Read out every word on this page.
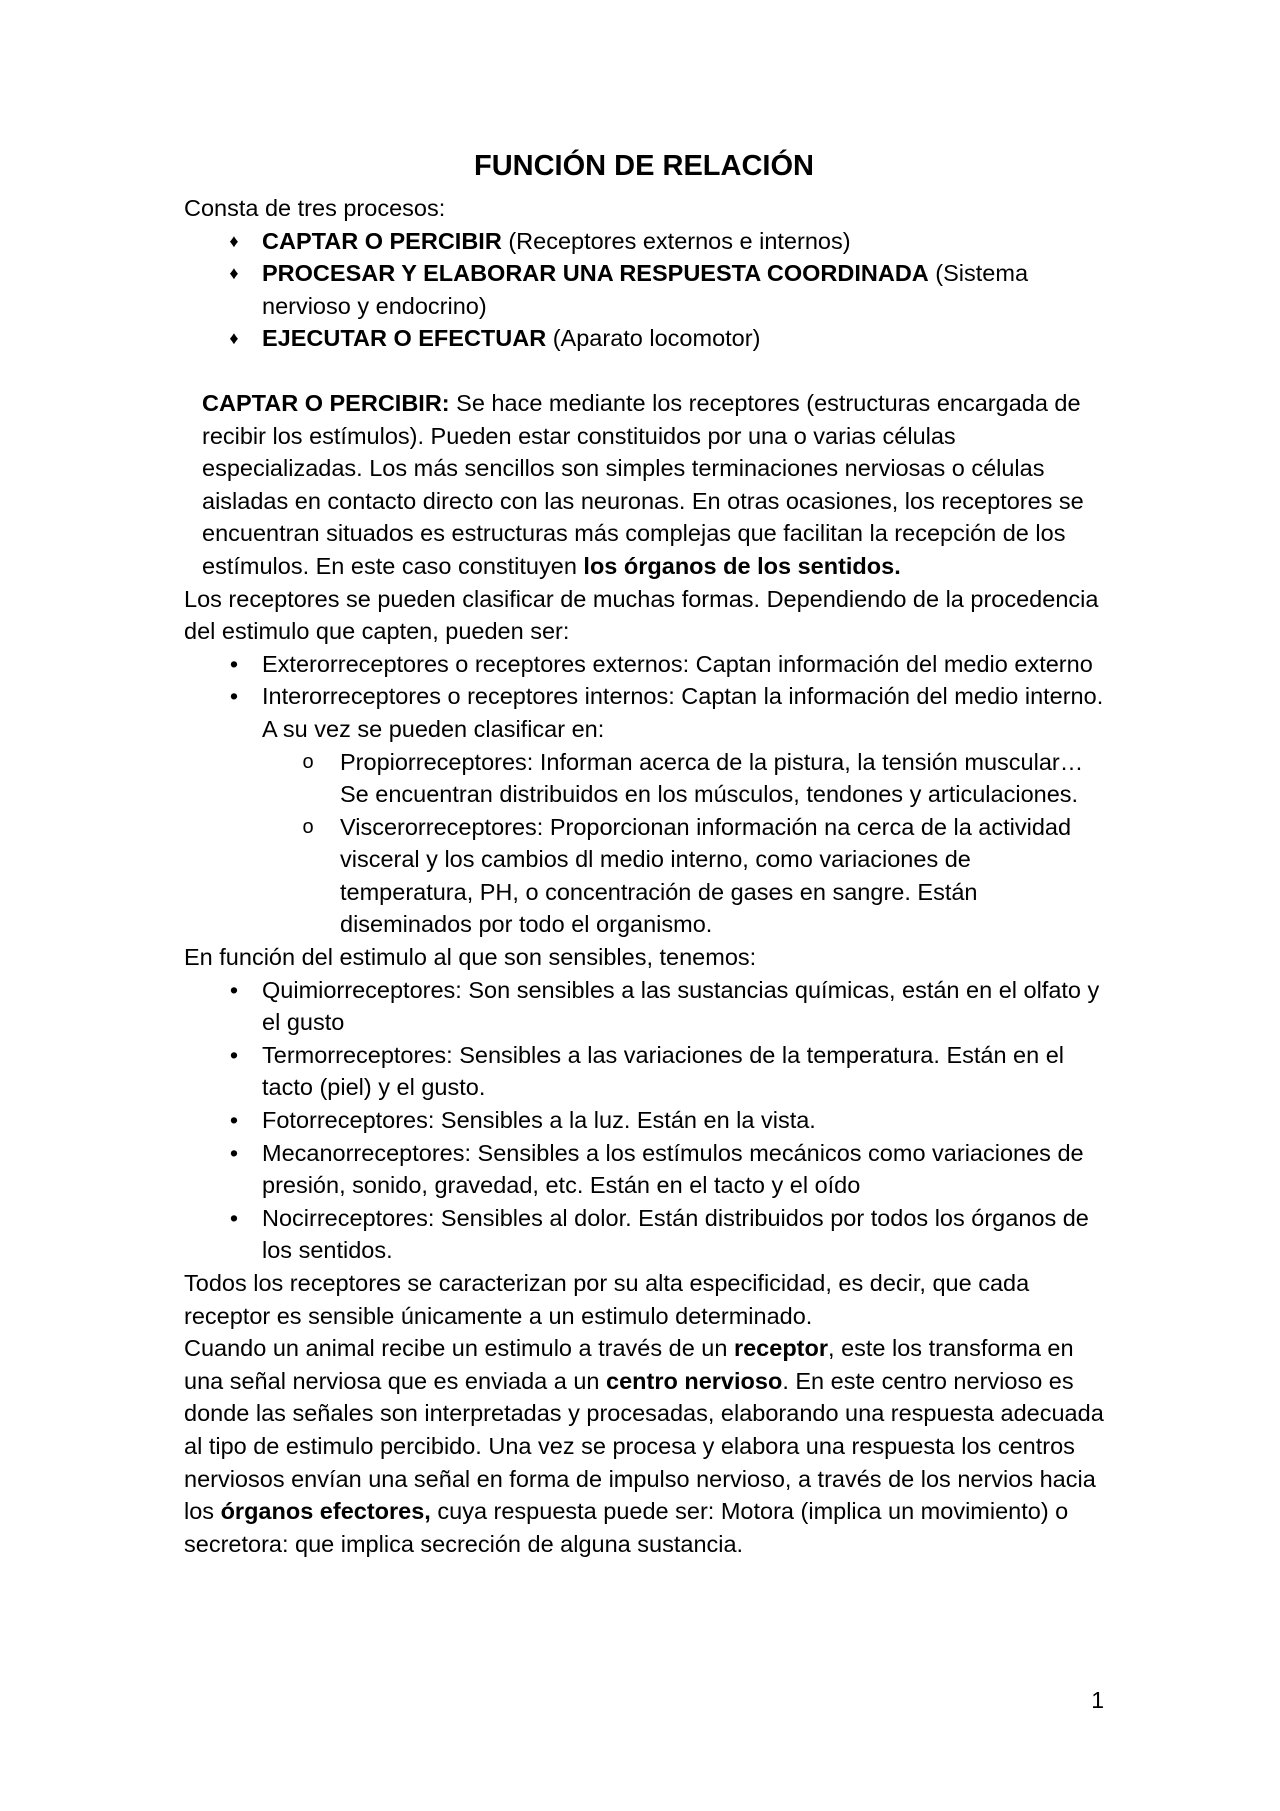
FUNCIÓN DE RELACIÓN

Consta de tres procesos:

♦ CAPTAR O PERCIBIR (Receptores externos e internos)
♦ PROCESAR Y ELABORAR UNA RESPUESTA COORDINADA (Sistema nervioso y endocrino)
♦ EJECUTAR O EFECTUAR (Aparato locomotor)

CAPTAR O PERCIBIR: Se hace mediante los receptores (estructuras encargada de recibir los estímulos). Pueden estar constituidos por una o varias células especializadas. Los más sencillos son simples terminaciones nerviosas o células aisladas en contacto directo con las neuronas. En otras ocasiones, los receptores se encuentran situados es estructuras más complejas que facilitan la recepción de los estímulos. En este caso constituyen los órganos de los sentidos.

Los receptores se pueden clasificar de muchas formas. Dependiendo de la procedencia del estimulo que capten, pueden ser:

• Exterorreceptores o receptores externos: Captan información del medio externo
• Interorreceptores o receptores internos: Captan la información del medio interno. A su vez se pueden clasificar en:
o Propiorreceptores: Informan acerca de la pistura, la tensión muscular… Se encuentran distribuidos en los músculos, tendones y articulaciones.
o Viscerorreceptores: Proporcionan información na cerca de la actividad visceral y los cambios dl medio interno, como variaciones de temperatura, PH, o concentración de gases en sangre. Están diseminados por todo el organismo.

En función del estimulo al que son sensibles, tenemos:

• Quimiorreceptores: Son sensibles a las sustancias químicas, están en el olfato y el gusto
• Termorreceptores: Sensibles a las variaciones de la temperatura. Están en el tacto (piel) y el gusto.
• Fotorreceptores: Sensibles a la luz. Están en la vista.
• Mecanorreceptores: Sensibles a los estímulos mecánicos como variaciones de presión, sonido, gravedad, etc. Están en el tacto y el oído
• Nocirreceptores: Sensibles al dolor. Están distribuidos por todos los órganos de los sentidos.

Todos los receptores se caracterizan por su alta especificidad, es decir, que cada receptor es sensible únicamente a un estimulo determinado.

Cuando un animal recibe un estimulo a través de un receptor, este los transforma en una señal nerviosa que es enviada a un centro nervioso. En este centro nervioso es donde las señales son interpretadas y procesadas, elaborando una respuesta adecuada al tipo de estimulo percibido. Una vez se procesa y elabora una respuesta los centros nerviosos envían una señal en forma de impulso nervioso, a través de los nervios hacia los órganos efectores, cuya respuesta puede ser: Motora (implica un movimiento) o secretora: que implica secreción de alguna sustancia.

1
